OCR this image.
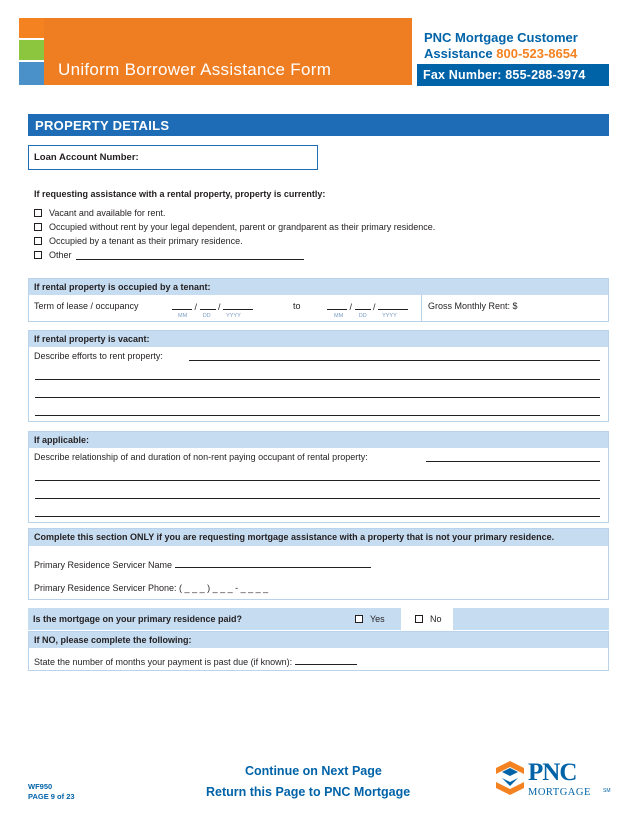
Uniform Borrower Assistance Form
PNC Mortgage Customer
Assistance 800-523-8654
Fax Number: 855-288-3974
PROPERTY DETAILS
Loan Account Number:
If requesting assistance with a rental property, property is currently:
Vacant and available for rent.
Occupied without rent by your legal dependent, parent or grandparent as their primary residence.
Occupied by a tenant as their primary residence.
Other
If rental property is occupied by a tenant:
Term of lease / occupancy	/  /
MM	DD	YYYY
to	/  /
MM	DD	YYYY
Gross Monthly Rent: $
If rental property is vacant:
Describe efforts to rent property:
If applicable:
Describe relationship of and duration of non-rent paying occupant of rental property:
Complete this section ONLY if you are requesting mortgage assistance with a property that is not your primary residence.
Primary Residence Servicer Name
Primary Residence Servicer Phone: ( _ _ _ ) _ _ _ - _ _ _ _
Is the mortgage on your primary residence paid?	Yes	No
If NO, please complete the following:
State the number of months your payment is past due (if known):
Continue on Next Page
Return this Page to PNC Mortgage
WF950
PAGE 9 of 23
PNC
MORTGAGE SM
